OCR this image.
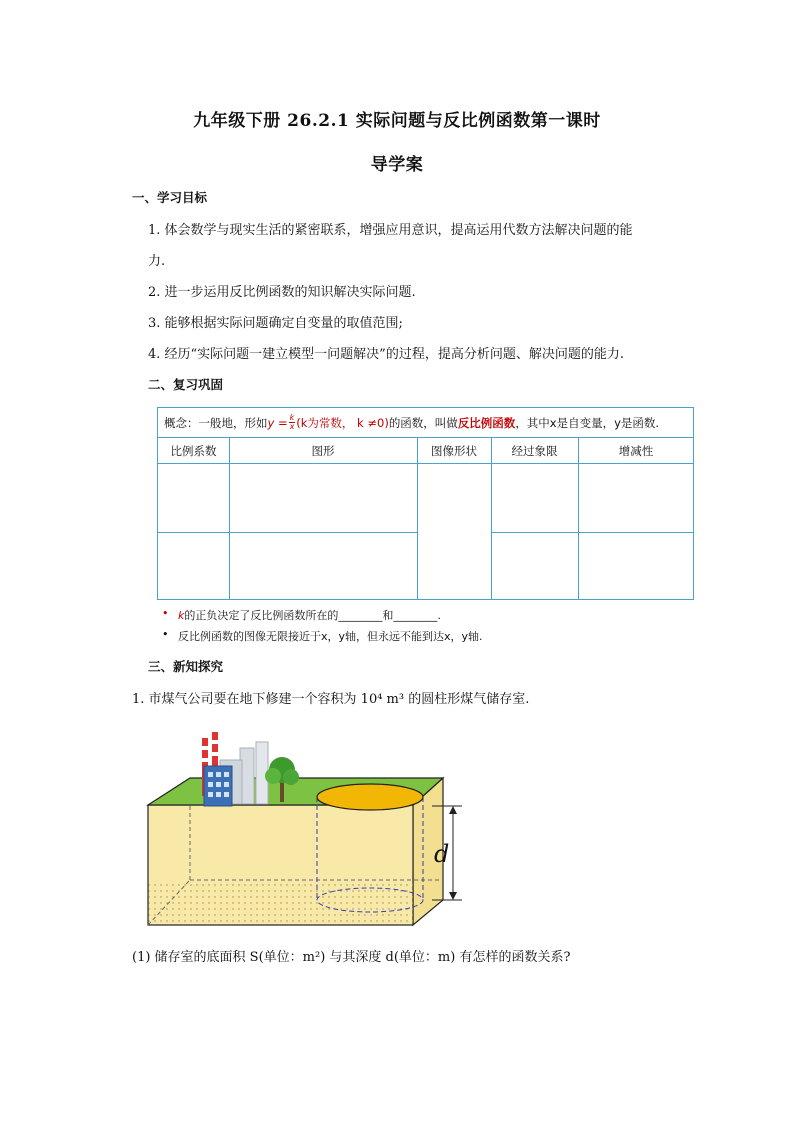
九年级下册 26.2.1 实际问题与反比例函数第一课时
导学案
一、学习目标
1. 体会数学与现实生活的紧密联系，增强应用意识，提高运用代数方法解决问题的能
力.
2. 进一步运用反比例函数的知识解决实际问题.
3. 能够根据实际问题确定自变量的取值范围;
4. 经历“实际问题一建立模型一问题解决”的过程，提高分析问题、解决问题的能力.
二、复习巩固
概念：一般地，形如 $y = \frac{k}{x} (k$为常数， k ≠0) 的函数，叫做 反比例函数 ，其中x是自变量，y是函数.
比例系数	图形	图像形状	经过象限	增减性
• k的正负决定了反比例函数所在的________和________.
• 反比例函数的图像无限接近于x，y轴，但永远不能到达x，y轴.
三、新知探究
1. 市煤气公司要在地下修建一个容积为 10⁴ m³ 的圆柱形煤气储存室.
d
(1) 储存室的底面积 S(单位：m²) 与其深度 d(单位：m) 有怎样的函数关系?
